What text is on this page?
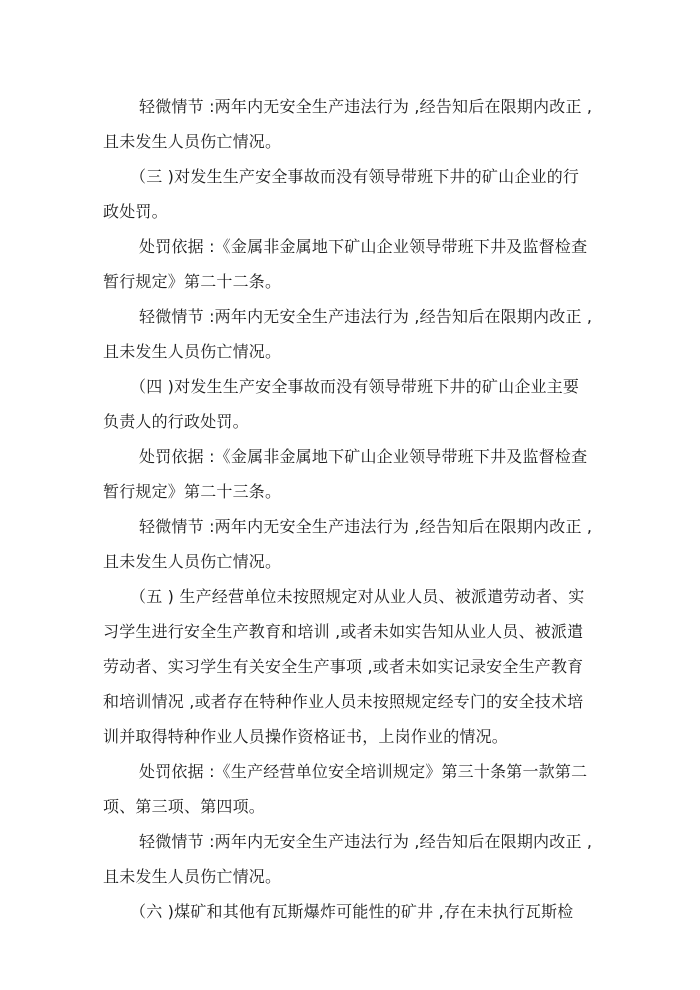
轻微情节 :两年内无安全生产违法行为 ,经告知后在限期内改正 ,
且未发生人员伤亡情况。
（三 )对发生生产安全事故而没有领导带班下井的矿山企业的行
政处罚。
处罚依据 :《金属非金属地下矿山企业领导带班下井及监督检查
暂行规定》第二十二条。
轻微情节 :两年内无安全生产违法行为 ,经告知后在限期内改正 ,
且未发生人员伤亡情况。
（四 )对发生生产安全事故而没有领导带班下井的矿山企业主要
负责人的行政处罚。
处罚依据 :《金属非金属地下矿山企业领导带班下井及监督检查
暂行规定》第二十三条。
轻微情节 :两年内无安全生产违法行为 ,经告知后在限期内改正 ,
且未发生人员伤亡情况。
（五 ) 生产经营单位未按照规定对从业人员、被派遣劳动者、实
习学生进行安全生产教育和培训 ,或者未如实告知从业人员、被派遣
劳动者、实习学生有关安全生产事项 ,或者未如实记录安全生产教育
和培训情况 ,或者存在特种作业人员未按照规定经专门的安全技术培
训并取得特种作业人员操作资格证书，上岗作业的情况。
处罚依据 :《生产经营单位安全培训规定》第三十条第一款第二
项、第三项、第四项。
轻微情节 :两年内无安全生产违法行为 ,经告知后在限期内改正 ,
且未发生人员伤亡情况。
（六 )煤矿和其他有瓦斯爆炸可能性的矿井 ,存在未执行瓦斯检
